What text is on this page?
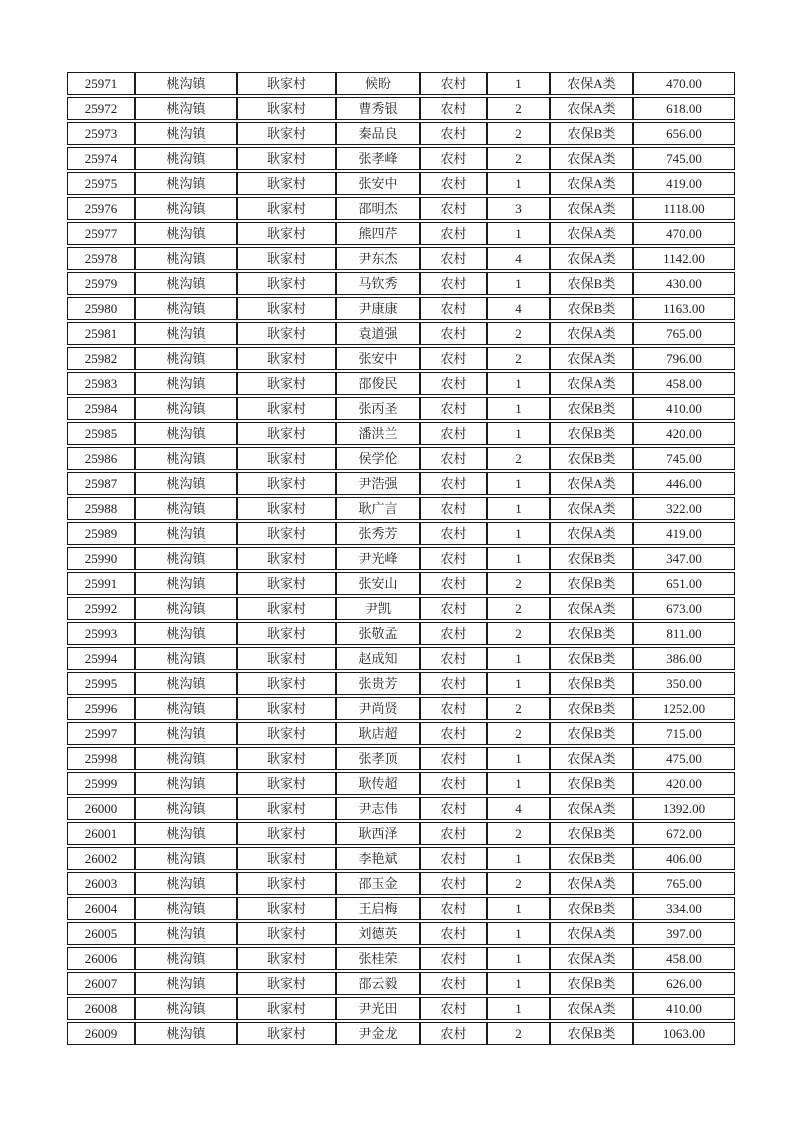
25971	桃沟镇	耿家村	候盼	农村	1	农保A类	470.00
25972	桃沟镇	耿家村	曹秀银	农村	2	农保A类	618.00
25973	桃沟镇	耿家村	秦品良	农村	2	农保B类	656.00
25974	桃沟镇	耿家村	张孝峰	农村	2	农保A类	745.00
25975	桃沟镇	耿家村	张安中	农村	1	农保A类	419.00
25976	桃沟镇	耿家村	邵明杰	农村	3	农保A类	1118.00
25977	桃沟镇	耿家村	熊四芹	农村	1	农保A类	470.00
25978	桃沟镇	耿家村	尹东杰	农村	4	农保A类	1142.00
25979	桃沟镇	耿家村	马钦秀	农村	1	农保B类	430.00
25980	桃沟镇	耿家村	尹康康	农村	4	农保B类	1163.00
25981	桃沟镇	耿家村	袁道强	农村	2	农保A类	765.00
25982	桃沟镇	耿家村	张安中	农村	2	农保A类	796.00
25983	桃沟镇	耿家村	邵俊民	农村	1	农保A类	458.00
25984	桃沟镇	耿家村	张丙圣	农村	1	农保B类	410.00
25985	桃沟镇	耿家村	潘洪兰	农村	1	农保B类	420.00
25986	桃沟镇	耿家村	侯学伦	农村	2	农保B类	745.00
25987	桃沟镇	耿家村	尹浩强	农村	1	农保A类	446.00
25988	桃沟镇	耿家村	耿广言	农村	1	农保A类	322.00
25989	桃沟镇	耿家村	张秀芳	农村	1	农保A类	419.00
25990	桃沟镇	耿家村	尹光峰	农村	1	农保B类	347.00
25991	桃沟镇	耿家村	张安山	农村	2	农保B类	651.00
25992	桃沟镇	耿家村	尹凯	农村	2	农保A类	673.00
25993	桃沟镇	耿家村	张敬孟	农村	2	农保B类	811.00
25994	桃沟镇	耿家村	赵成知	农村	1	农保B类	386.00
25995	桃沟镇	耿家村	张贵芳	农村	1	农保B类	350.00
25996	桃沟镇	耿家村	尹尚贤	农村	2	农保B类	1252.00
25997	桃沟镇	耿家村	耿店超	农村	2	农保B类	715.00
25998	桃沟镇	耿家村	张孝顶	农村	1	农保A类	475.00
25999	桃沟镇	耿家村	耿传超	农村	1	农保B类	420.00
26000	桃沟镇	耿家村	尹志伟	农村	4	农保A类	1392.00
26001	桃沟镇	耿家村	耿西泽	农村	2	农保B类	672.00
26002	桃沟镇	耿家村	李艳斌	农村	1	农保B类	406.00
26003	桃沟镇	耿家村	邵玉金	农村	2	农保A类	765.00
26004	桃沟镇	耿家村	王启梅	农村	1	农保B类	334.00
26005	桃沟镇	耿家村	刘德英	农村	1	农保A类	397.00
26006	桃沟镇	耿家村	张桂荣	农村	1	农保A类	458.00
26007	桃沟镇	耿家村	邵云毅	农村	1	农保B类	626.00
26008	桃沟镇	耿家村	尹光田	农村	1	农保A类	410.00
26009	桃沟镇	耿家村	尹金龙	农村	2	农保B类	1063.00
